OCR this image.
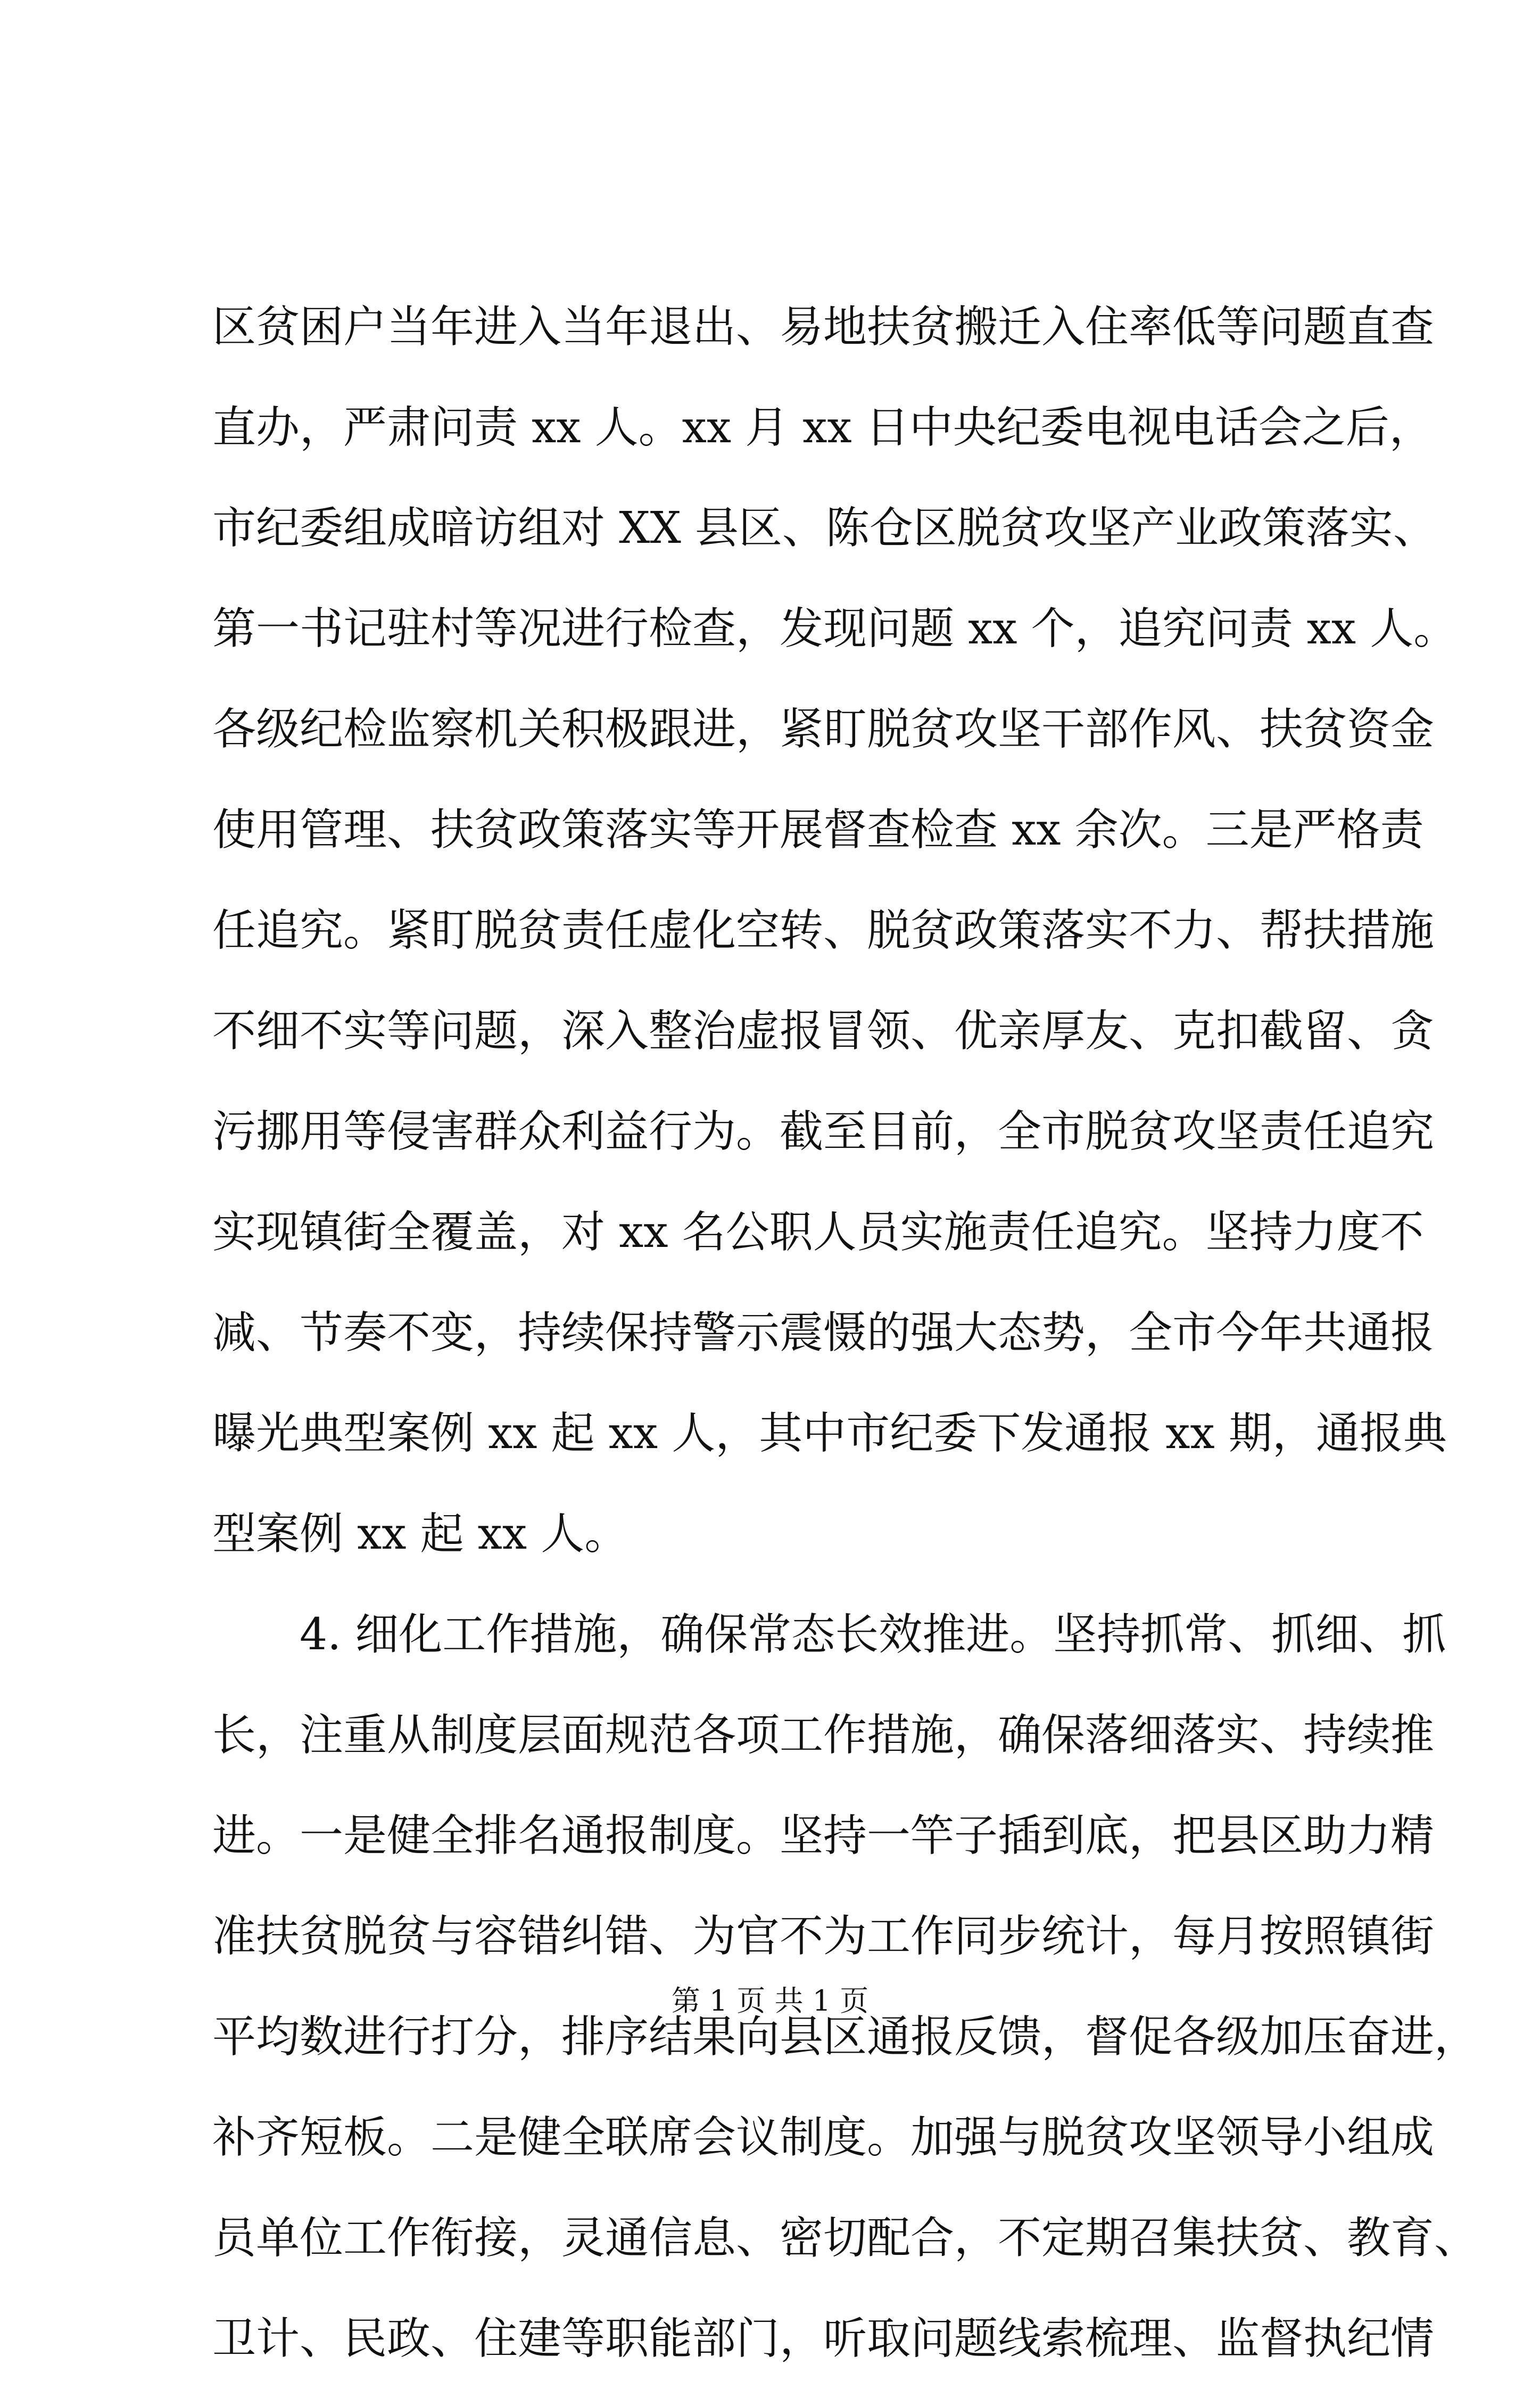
区贫困户当年进入当年退出、易地扶贫搬迁入住率低等问题直查
直办，严肃问责 xx 人。xx 月 xx 日中央纪委电视电话会之后，
市纪委组成暗访组对 XX 县区、陈仓区脱贫攻坚产业政策落实、
第一书记驻村等况进行检查，发现问题 xx 个，追究问责 xx 人。
各级纪检监察机关积极跟进，紧盯脱贫攻坚干部作风、扶贫资金
使用管理、扶贫政策落实等开展督查检查 xx 余次。三是严格责
任追究。紧盯脱贫责任虚化空转、脱贫政策落实不力、帮扶措施
不细不实等问题，深入整治虚报冒领、优亲厚友、克扣截留、贪
污挪用等侵害群众利益行为。截至目前，全市脱贫攻坚责任追究
实现镇街全覆盖，对 xx 名公职人员实施责任追究。坚持力度不
减、节奏不变，持续保持警示震慑的强大态势，全市今年共通报
曝光典型案例 xx 起 xx 人，其中市纪委下发通报 xx 期，通报典
型案例 xx 起 xx 人。
4. 细化工作措施，确保常态长效推进。坚持抓常、抓细、抓
长，注重从制度层面规范各项工作措施，确保落细落实、持续推
进。一是健全排名通报制度。坚持一竿子插到底，把县区助力精
准扶贫脱贫与容错纠错、为官不为工作同步统计，每月按照镇街
平均数进行打分，排序结果向县区通报反馈，督促各级加压奋进，
补齐短板。二是健全联席会议制度。加强与脱贫攻坚领导小组成
员单位工作衔接，灵通信息、密切配合，不定期召集扶贫、教育、
卫计、民政、住建等职能部门，听取问题线索梳理、监督执纪情
第 1 页 共 1 页
